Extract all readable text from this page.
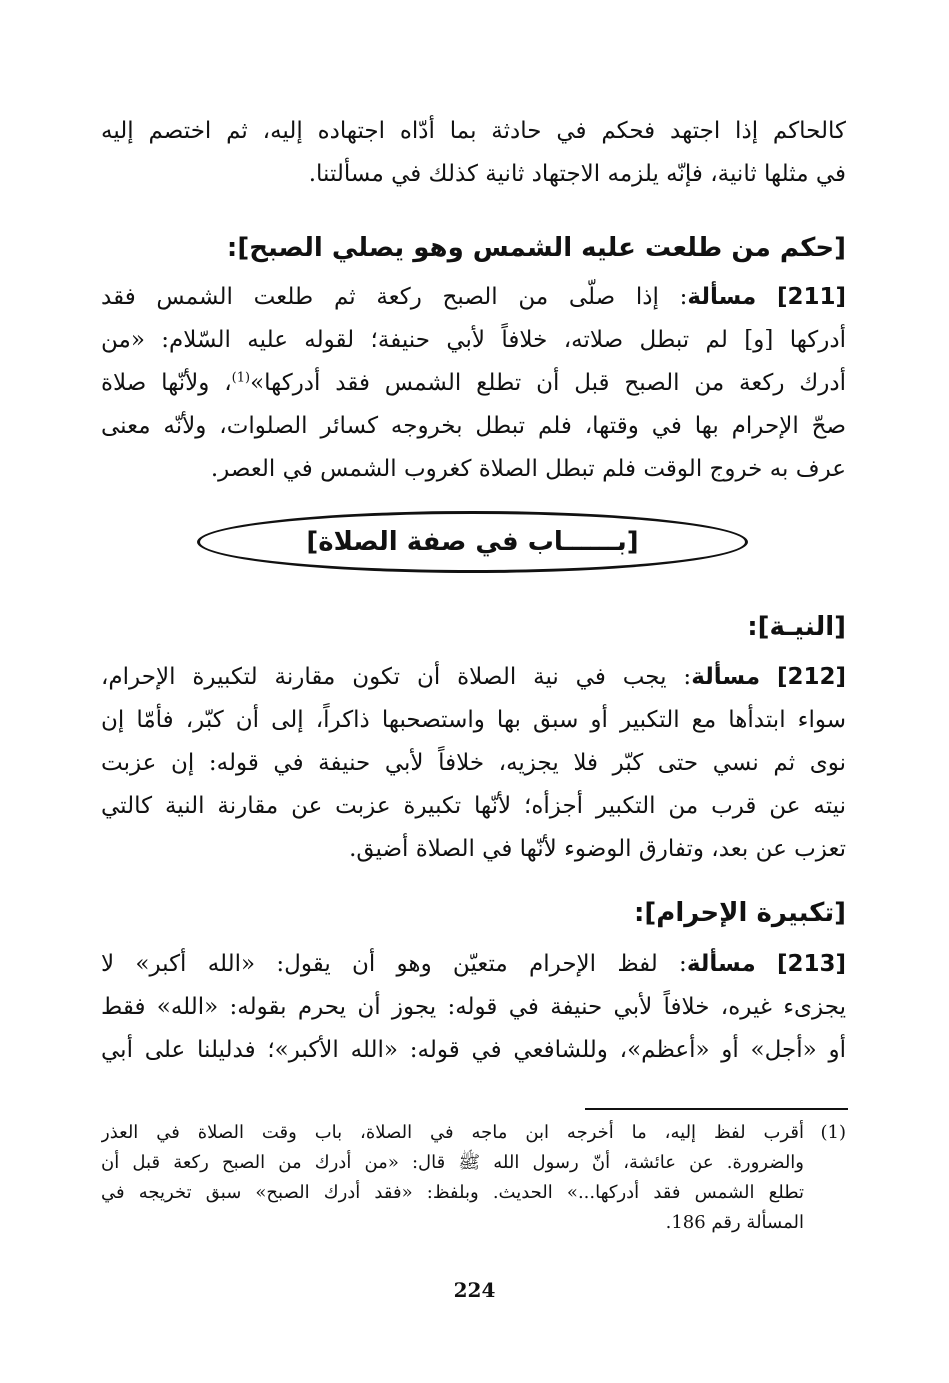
كالحاكم إذا اجتهد فحكم في حادثة بما أدّاه اجتهاده إليه، ثم اختصم إليه
في مثلها ثانية، فإنّه يلزمه الاجتهاد ثانية كذلك في مسألتنا.
[حكم من طلعت عليه الشمس وهو يصلي الصبح]:
[211] مسألة: إذا صلّى من الصبح ركعة ثم طلعت الشمس فقد
أدركها [و] لم تبطل صلاته، خلافاً لأبي حنيفة؛ لقوله عليه السّلام: «من
أدرك ركعة من الصبح قبل أن تطلع الشمس فقد أدركها»$^{(1)}$، ولأنّها صلاة
صحّ الإحرام بها في وقتها، فلم تبطل بخروجه كسائر الصلوات، ولأنّه معنى
عرف به خروج الوقت فلم تبطل الصلاة كغروب الشمس في العصر.
[بــــــاب في صفة الصلاة]
[النيـة]:
[212] مسألة: يجب في نية الصلاة أن تكون مقارنة لتكبيرة الإحرام،
سواء ابتدأها مع التكبير أو سبق بها واستصحبها ذاكراً، إلى أن كبّر، فأمّا إن
نوى ثم نسي حتى كبّر فلا يجزيه، خلافاً لأبي حنيفة في قوله: إن عزبت
نيته عن قرب من التكبير أجزأه؛ لأنّها تكبيرة عزبت عن مقارنة النية كالتي
تعزب عن بعد، وتفارق الوضوء لأنّها في الصلاة أضيق.
[تكبيرة الإحرام]:
[213] مسألة: لفظ الإحرام متعيّن وهو أن يقول: «الله أكبر» لا
يجزىء غيره، خلافاً لأبي حنيفة في قوله: يجوز أن يحرم بقوله: «الله» فقط
أو «أجل» أو «أعظم»، وللشافعي في قوله: «الله الأكبر»؛ فدليلنا على أبي
(1)أقرب لفظ إليه، ما أخرجه ابن ماجه في الصلاة، باب وقت الصلاة في العذر
والضرورة. عن عائشة، أنّ رسول الله ﷺ قال: «من أدرك من الصبح ركعة قبل أن
تطلع الشمس فقد أدركها...» الحديث. وبلفظ: «فقد أدرك الصبح» سبق تخريجه في
المسألة رقم 186.
224
